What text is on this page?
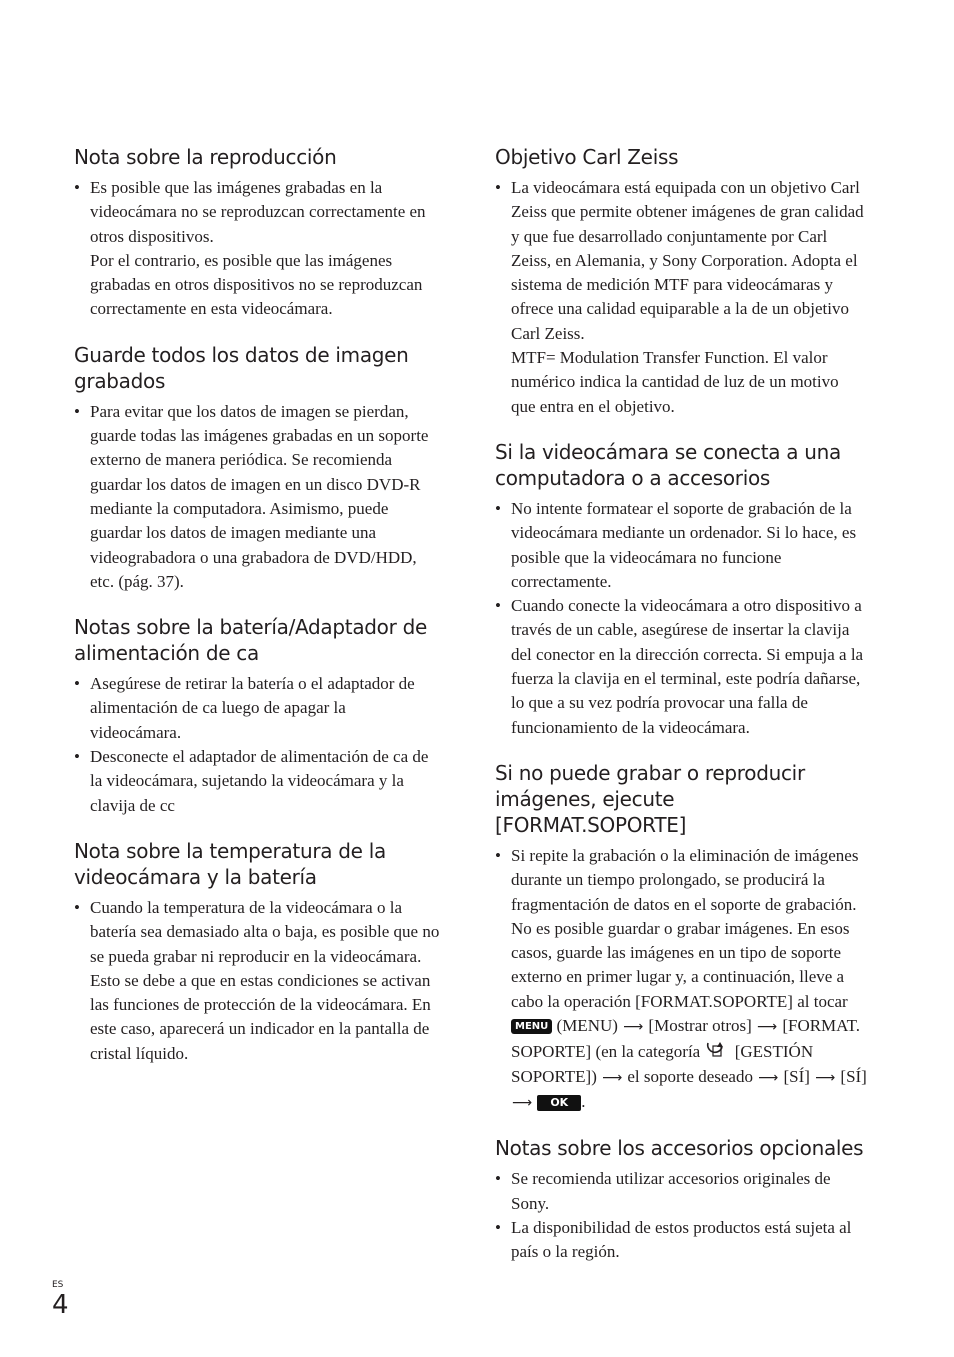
Nota sobre la reproducción
• Es posible que las imágenes grabadas en la videocámara no se reproduzcan correctamente en otros dispositivos.
Por el contrario, es posible que las imágenes grabadas en otros dispositivos no se reproduzcan correctamente en esta videocámara.
Guarde todos los datos de imagen grabados
• Para evitar que los datos de imagen se pierdan, guarde todas las imágenes grabadas en un soporte externo de manera periódica. Se recomienda guardar los datos de imagen en un disco DVD-R mediante la computadora. Asimismo, puede guardar los datos de imagen mediante una videograbadora o una grabadora de DVD/HDD, etc. (pág. 37).
Notas sobre la batería/Adaptador de alimentación de ca
• Asegúrese de retirar la batería o el adaptador de alimentación de ca luego de apagar la videocámara.
• Desconecte el adaptador de alimentación de ca de la videocámara, sujetando la videocámara y la clavija de cc
Nota sobre la temperatura de la videocámara y la batería
• Cuando la temperatura de la videocámara o la batería sea demasiado alta o baja, es posible que no se pueda grabar ni reproducir en la videocámara. Esto se debe a que en estas condiciones se activan las funciones de protección de la videocámara. En este caso, aparecerá un indicador en la pantalla de cristal líquido.
Objetivo Carl Zeiss
• La videocámara está equipada con un objetivo Carl Zeiss que permite obtener imágenes de gran calidad y que fue desarrollado conjuntamente por Carl Zeiss, en Alemania, y Sony Corporation. Adopta el sistema de medición MTF para videocámaras y ofrece una calidad equiparable a la de un objetivo Carl Zeiss.
MTF= Modulation Transfer Function. El valor numérico indica la cantidad de luz de un motivo que entra en el objetivo.
Si la videocámara se conecta a una computadora o a accesorios
• No intente formatear el soporte de grabación de la videocámara mediante un ordenador. Si lo hace, es posible que la videocámara no funcione correctamente.
• Cuando conecte la videocámara a otro dispositivo a través de un cable, asegúrese de insertar la clavija del conector en la dirección correcta. Si empuja a la fuerza la clavija en el terminal, este podría dañarse, lo que a su vez podría provocar una falla de funcionamiento de la videocámara.
Si no puede grabar o reproducir imágenes, ejecute [FORMAT.SOPORTE]
• Si repite la grabación o la eliminación de imágenes durante un tiempo prolongado, se producirá la fragmentación de datos en el soporte de grabación. No es posible guardar o grabar imágenes. En esos casos, guarde las imágenes en un tipo de soporte externo en primer lugar y, a continuación, lleve a cabo la operación [FORMAT.SOPORTE] al tocar MENU (MENU) ⟶ [Mostrar otros] ⟶ [FORMAT. SOPORTE] (en la categoría [GESTIÓN SOPORTE]) ⟶ el soporte deseado ⟶ [SÍ] ⟶ [SÍ] ⟶ OK .
Notas sobre los accesorios opcionales
• Se recomienda utilizar accesorios originales de Sony.
• La disponibilidad de estos productos está sujeta al país o la región.
ES
4
